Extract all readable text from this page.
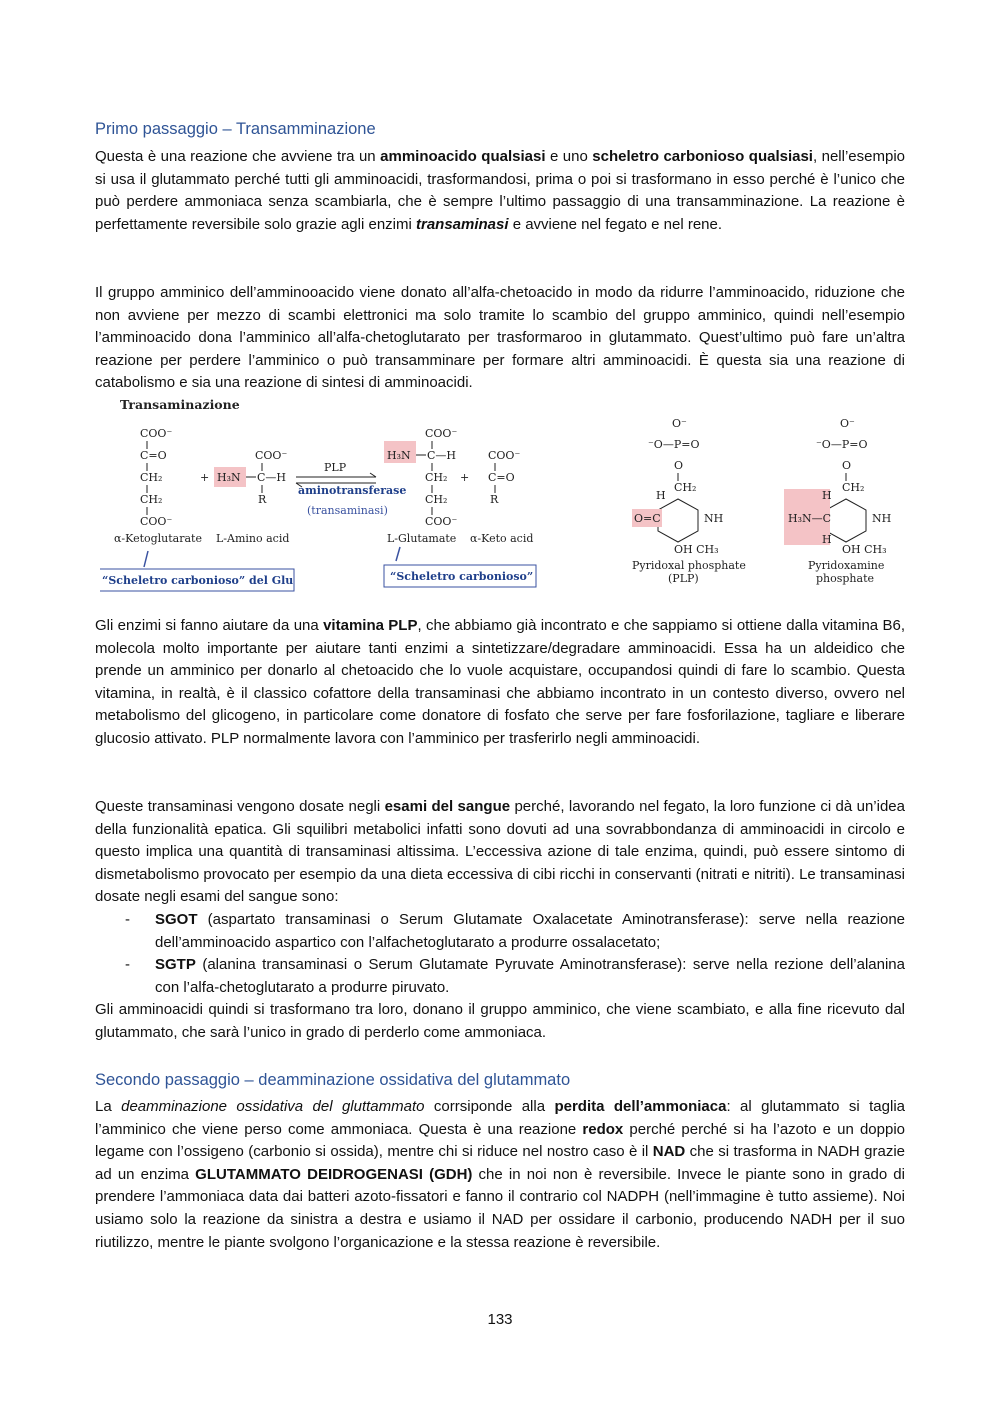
Primo passaggio – Transamminazione

Questa è una reazione che avviene tra un amminoacido qualsiasi e uno scheletro carbonioso qualsiasi, nell’esempio si usa il glutammato perché tutti gli amminoacidi, trasformandosi, prima o poi si trasformano in esso perché è l’unico che può perdere ammoniaca senza scambiarla, che è sempre l’ultimo passaggio di una transamminazione. La reazione è perfettamente reversibile solo grazie agli enzimi transaminasi e avviene nel fegato e nel rene.

Il gruppo amminico dell’amminooacido viene donato all’alfa-chetoacido in modo da ridurre l’amminoacido, riduzione che non avviene per mezzo di scambi elettronici ma solo tramite lo scambio del gruppo amminico, quindi nell’esempio l’amminoacido dona l’amminico all’alfa-chetoglutarato per trasformaroo in glutammato. Quest’ultimo può fare un’altra reazione per perdere l’amminico o può transamminare per formare altri amminoacidi. È questa sia una reazione di catabolismo e sia una reazione di sintesi di amminoacidi.

Transaminazione
COO⁻
C=O
CH₂
CH₂
COO⁻
α-Ketoglutarate
+ H₃N
COO⁻
C—H
R
L-Amino acid
PLP
aminotransferase
(transaminasi)
H₃N
COO⁻
C—H
CH₂
CH₂
COO⁻
L-Glutamate
+
COO⁻
C=O
R
α-Keto acid
“Scheletro carbonioso” del Glu	“Scheletro carbonioso”
O⁻
⁻O—P=O
O
CH₂
H
O=C	NH
OH CH₃
Pyridoxal phosphate
(PLP)
O⁻
⁻O—P=O
O
CH₂
H
H₃N—C
H
NH
OH CH₃
Pyridoxamine
phosphate

Gli enzimi si fanno aiutare da una vitamina PLP, che abbiamo già incontrato e che sappiamo si ottiene dalla vitamina B6, molecola molto importante per aiutare tanti enzimi a sintetizzare/degradare amminoacidi. Essa ha un aldeidico che prende un amminico per donarlo al chetoacido che lo vuole acquistare, occupandosi quindi di fare lo scambio. Questa vitamina, in realtà, è il classico cofattore della transaminasi che abbiamo incontrato in un contesto diverso, ovvero nel metabolismo del glicogeno, in particolare come donatore di fosfato che serve per fare fosforilazione, tagliare e liberare glucosio attivato. PLP normalmente lavora con l’amminico per trasferirlo negli amminoacidi.

Queste transaminasi vengono dosate negli esami del sangue perché, lavorando nel fegato, la loro funzione ci dà un’idea della funzionalità epatica. Gli squilibri metabolici infatti sono dovuti ad una sovrabbondanza di amminoacidi in circolo e questo implica una quantità di transaminasi altissima. L’eccessiva azione di tale enzima, quindi, può essere sintomo di dismetabolismo provocato per esempio da una dieta eccessiva di cibi ricchi in conservanti (nitrati e nitriti). Le transaminasi dosate negli esami del sangue sono:

- SGOT (aspartato transaminasi o Serum Glutamate Oxalacetate Aminotransferase): serve nella reazione dell’amminoacido aspartico con l’alfachetoglutarato a produrre ossalacetato;
- SGTP (alanina transaminasi o Serum Glutamate Pyruvate Aminotransferase): serve nella rezione dell’alanina con l’alfa-chetoglutarato a produrre piruvato.

Gli amminoacidi quindi si trasformano tra loro, donano il gruppo amminico, che viene scambiato, e alla fine ricevuto dal glutammato, che sarà l’unico in grado di perderlo come ammoniaca.

Secondo passaggio – deamminazione ossidativa del glutammato

La deamminazione ossidativa del gluttammato corrsiponde alla perdita dell’ammoniaca: al glutammato si taglia l’amminico che viene perso come ammoniaca. Questa è una reazione redox perché perché si ha l’azoto e un doppio legame con l’ossigeno (carbonio si ossida), mentre chi si riduce nel nostro caso è il NAD che si trasforma in NADH grazie ad un enzima GLUTAMMATO DEIDROGENASI (GDH) che in noi non è reversibile. Invece le piante sono in grado di prendere l’ammoniaca data dai batteri azoto-fissatori e fanno il contrario col NADPH (nell’immagine è tutto assieme). Noi usiamo solo la reazione da sinistra a destra e usiamo il NAD per ossidare il carbonio, producendo NADH per il suo riutilizzo, mentre le piante svolgono l’organicazione e la stessa reazione è reversibile.

133
